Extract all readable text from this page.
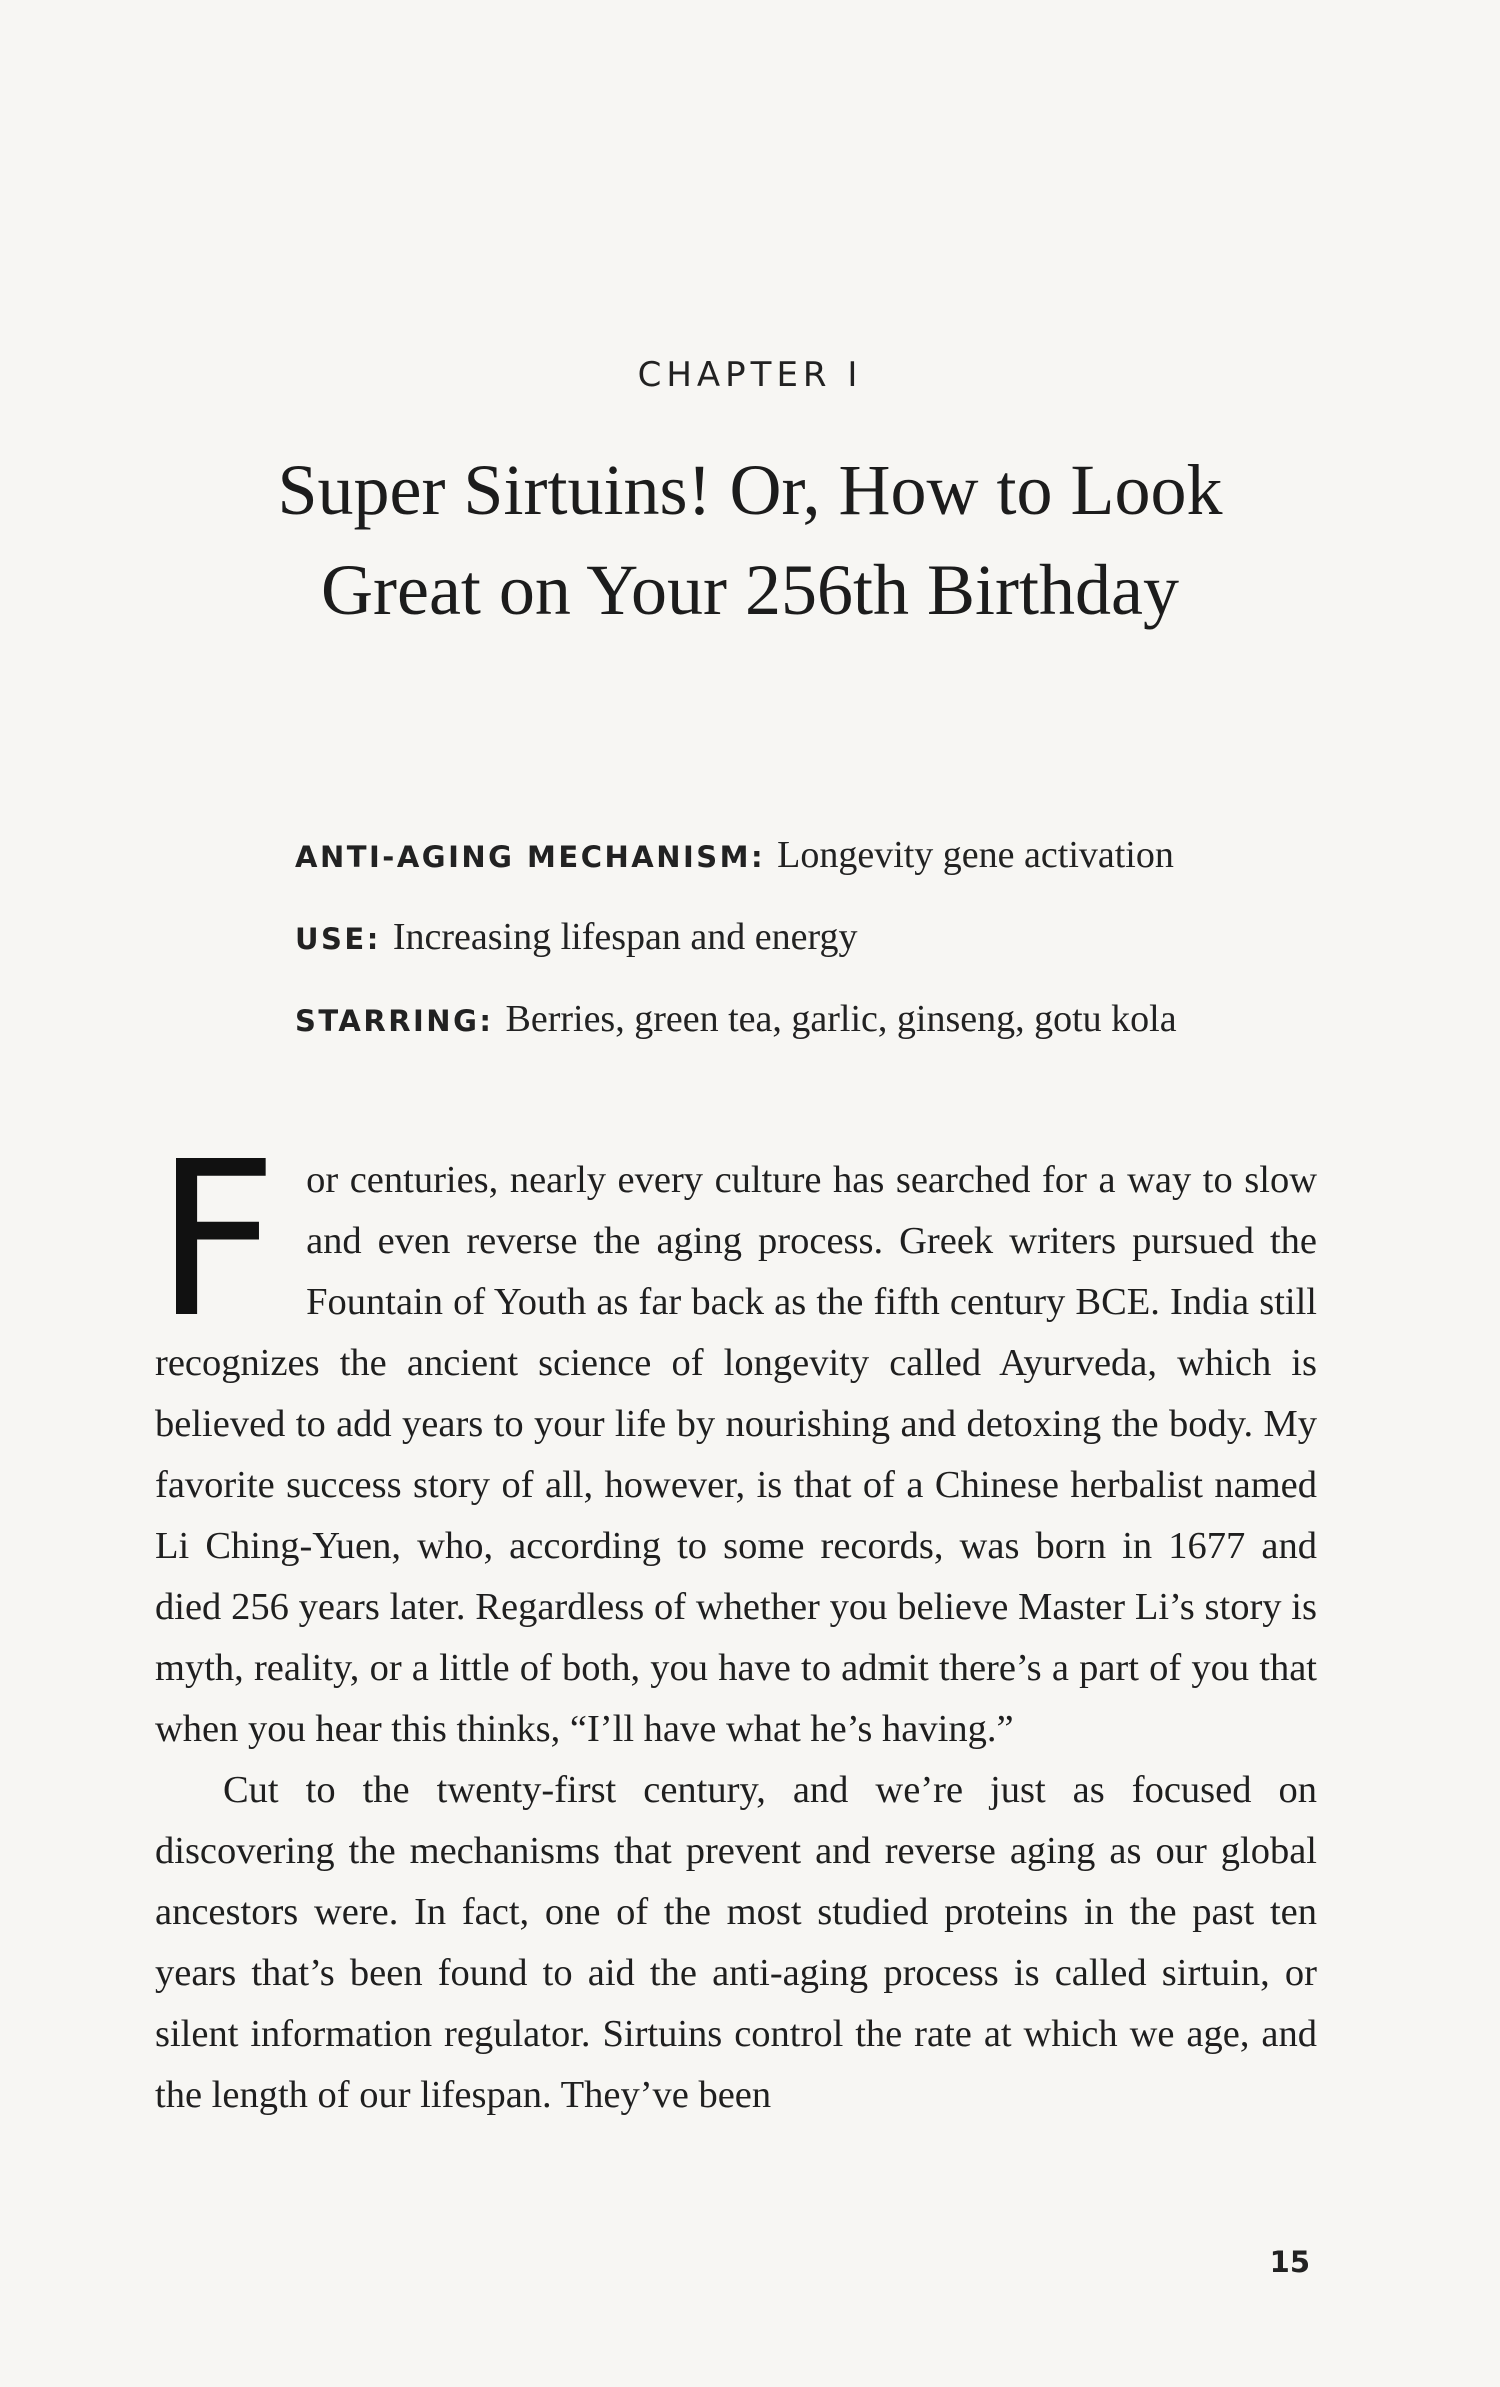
CHAPTER I
Super Sirtuins! Or, How to Look
Great on Your 256th Birthday
ANTI-AGING MECHANISM: Longevity gene activation
USE: Increasing lifespan and energy
STARRING: Berries, green tea, garlic, ginseng, gotu kola

For centuries, nearly every culture has searched for a way to slow and even reverse the aging process. Greek writers pursued the Fountain of Youth as far back as the fifth century BCE. India still recognizes the ancient science of longevity called Ayurveda, which is believed to add years to your life by nourishing and detoxing the body. My favorite success story of all, however, is that of a Chinese herbalist named Li Ching-Yuen, who, according to some records, was born in 1677 and died 256 years later. Regardless of whether you believe Master Li’s story is myth, reality, or a little of both, you have to admit there’s a part of you that when you hear this thinks, “I’ll have what he’s having.”

Cut to the twenty-first century, and we’re just as focused on discovering the mechanisms that prevent and reverse aging as our global ancestors were. In fact, one of the most studied proteins in the past ten years that’s been found to aid the anti-aging process is called sirtuin, or silent information regulator. Sirtuins control the rate at which we age, and the length of our lifespan. They’ve been

15
